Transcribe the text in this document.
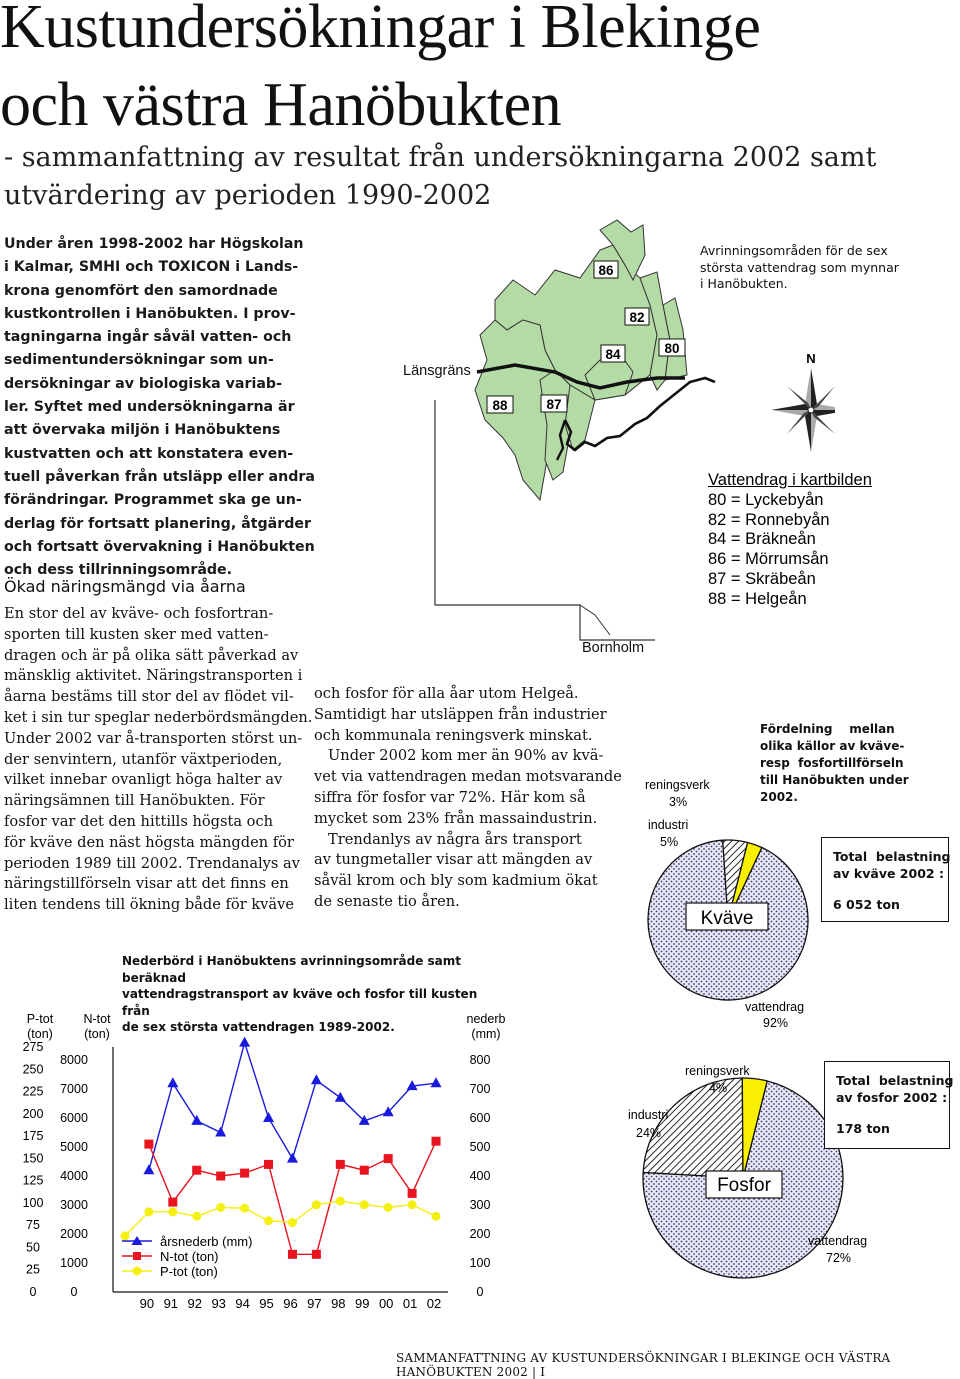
Kustundersökningar i Blekinge
och västra Hanöbukten
- sammanfattning av resultat från undersökningarna 2002 samt
utvärdering av perioden 1990-2002
Under åren 1998-2002 har Högskolan
i Kalmar, SMHI och TOXICON i Lands-
krona genomfört den samordnade
kustkontrollen i Hanöbukten. I prov-
tagningarna ingår såväl vatten- och
sedimentundersökningar som un-
dersökningar av biologiska variab-
ler. Syftet med undersökningarna är
att övervaka miljön i Hanöbuktens
kustvatten och att konstatera even-
tuell påverkan från utsläpp eller andra
förändringar. Programmet ska ge un-
derlag för fortsatt planering, åtgärder
och fortsatt övervakning i Hanöbukten
och dess tillrinningsområde.
Ökad näringsmängd via åarna
En stor del av kväve- och fosfortran-
sporten till kusten sker med vatten-
dragen och är på olika sätt påverkad av
mänsklig aktivitet. Näringstransporten i
åarna bestäms till stor del av flödet vil-
ket i sin tur speglar nederbördsmängden.
Under 2002 var å-transporten störst un-
der senvintern, utanför växtperioden,
vilket innebar ovanligt höga halter av
näringsämnen till Hanöbukten. För
fosfor var det den hittills högsta och
för kväve den näst högsta mängden för
perioden 1989 till 2002. Trendanalys av
näringstillförseln visar att det finns en
liten tendens till ökning både för kväve
och fosfor för alla åar utom Helgeå.
Samtidigt har utsläppen från industrier
och kommunala reningsverk minskat.
Under 2002 kom mer än 90% av kvä-
vet via vattendragen medan motsvarande
siffra för fosfor var 72%. Här kom så
mycket som 23% från massaindustrin.
Trendanlys av några års transport
av tungmetaller visar att mängden av
såväl krom och bly som kadmium ökat
de senaste tio åren.
Länsgräns
Bornholm
86
82
84	80
88	87
N
Avrinningsområden för de sex
största vattendrag som mynnar
i Hanöbukten.
Vattendrag i kartbilden
80 = Lyckebyån
82 = Ronnebyån
84 = Bräkneån
86 = Mörrumsån
87 = Skräbeån
88 = Helgeån
Fördelning    mellan
olika källor av kväve-
resp  fosfortillförseln
till Hanöbukten under
2002.
reningsverk
3%
industri
5%
Kväve
vattendrag
92%
reningsverk
4%
industri
24%
Fosfor
vattendrag
72%
Total  belastning
av kväve 2002 :
6 052 ton
Total  belastning
av fosfor 2002 :
178 ton
Nederbörd i Hanöbuktens avrinningsområde samt beräknad
vattendragstransport av kväve och fosfor till kusten från
de sex största vattendragen 1989-2002.
P-tot
(ton)
N-tot
(ton)
nederb
(mm)
275
250
225
200
175
150
125
100
75
50
25
0
8000
7000
6000
5000
4000
3000
2000
1000
0
800
700
600
500
400
300
200
100
0
90 91 92 93 94 95 96 97 98 99 00 01 02
årsnederb (mm)
N-tot (ton)
P-tot (ton)
SAMMANFATTNING AV KUSTUNDERSÖKNINGAR I BLEKINGE OCH VÄSTRA HANÖBUKTEN 2002 | I
